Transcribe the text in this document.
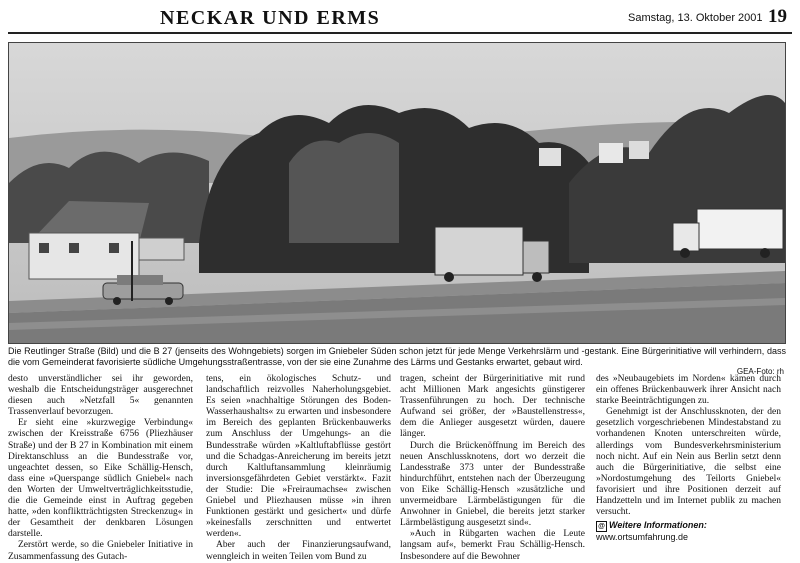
NECKAR UND ERMS	Samstag, 13. Oktober 2001 19
Die Reutlinger Straße (Bild) und die B 27 (jenseits des Wohngebiets) sorgen im Gniebeler Süden schon jetzt für jede Menge Verkehrslärm und -gestank. Eine Bürgerinitiative will verhindern, dass die vom Gemeinderat favorisierte südliche Umgehungsstraßentrasse, von der sie eine Zunahme des Lärms und Gestanks erwartet, gebaut wird.
GEA-Foto: rh

desto unverständlicher sei ihr geworden, weshalb die Entscheidungsträger ausgerechnet diesen auch »Netzfall 5« genannten Trassenverlauf bevorzugen.

Er sieht eine »kurzwegige Verbindung« zwischen der Kreisstraße 6756 (Pliezhäuser Straße) und der B 27 in Kombination mit einem Direktanschluss an die Bundesstraße vor, ungeachtet dessen, so Eike Schällig-Hensch, dass eine »Querspange südlich Gniebel« nach den Worten der Umweltverträglichkeitsstudie, die die Gemeinde einst in Auftrag gegeben hatte, »den konfliktträchtigsten Streckenzug« in der Gesamtheit der denkbaren Lösungen darstelle.

Zerstört werde, so die Gniebeler Initiative in Zusammenfassung des Gutach-

tens, ein ökologisches Schutz- und landschaftlich reizvolles Naherholungsgebiet. Es seien »nachhaltige Störungen des Boden-Wasserhaushalts« zu erwarten und insbesondere im Bereich des geplanten Brückenbauwerks zum Anschluss der Umgehungs- an die Bundesstraße würden »Kaltluftabflüsse gestört und die Schadgas-Anreicherung im bereits jetzt durch Kaltluftansammlung kleinräumig inversionsgefährdeten Gebiet verstärkt«. Fazit der Studie: Die »Freiraumachse« zwischen Gniebel und Pliezhausen müsse »in ihren Funktionen gestärkt und gesichert« und dürfe »keinesfalls zerschnitten und entwertet werden«.

Aber auch der Finanzierungsaufwand, wenngleich in weiten Teilen vom Bund zu

tragen, scheint der Bürgerinitiative mit rund acht Millionen Mark angesichts günstigerer Trassenführungen zu hoch. Der technische Aufwand sei größer, der »Baustellenstress«, dem die Anlieger ausgesetzt würden, dauere länger.

Durch die Brückenöffnung im Bereich des neuen Anschlussknotens, dort wo derzeit die Landesstraße 373 unter der Bundesstraße hindurchführt, entstehen nach der Überzeugung von Eike Schällig-Hensch »zusätzliche und unvermeidbare Lärmbelästigungen für die Anwohner in Gniebel, die bereits jetzt starker Lärmbelästigung ausgesetzt sind«.

»Auch in Rübgarten wachen die Leute langsam auf«, bemerkt Frau Schällig-Hensch. Insbesondere auf die Bewohner

des »Neubaugebiets im Norden« kämen durch ein offenes Brückenbauwerk ihrer Ansicht nach starke Beeinträchtigungen zu.

Genehmigt ist der Anschlussknoten, der den gesetzlich vorgeschriebenen Mindestabstand zu vorhandenen Knoten unterschreiten würde, allerdings vom Bundesverkehrsministerium noch nicht. Auf ein Nein aus Berlin setzt denn auch die Bürgerinitiative, die selbst eine »Nordostumgehung des Teilorts Gniebel« favorisiert und ihre Positionen derzeit auf Handzetteln und im Internet publik zu machen versucht.

@ Weitere Informationen:
www.ortsumfahrung.de
